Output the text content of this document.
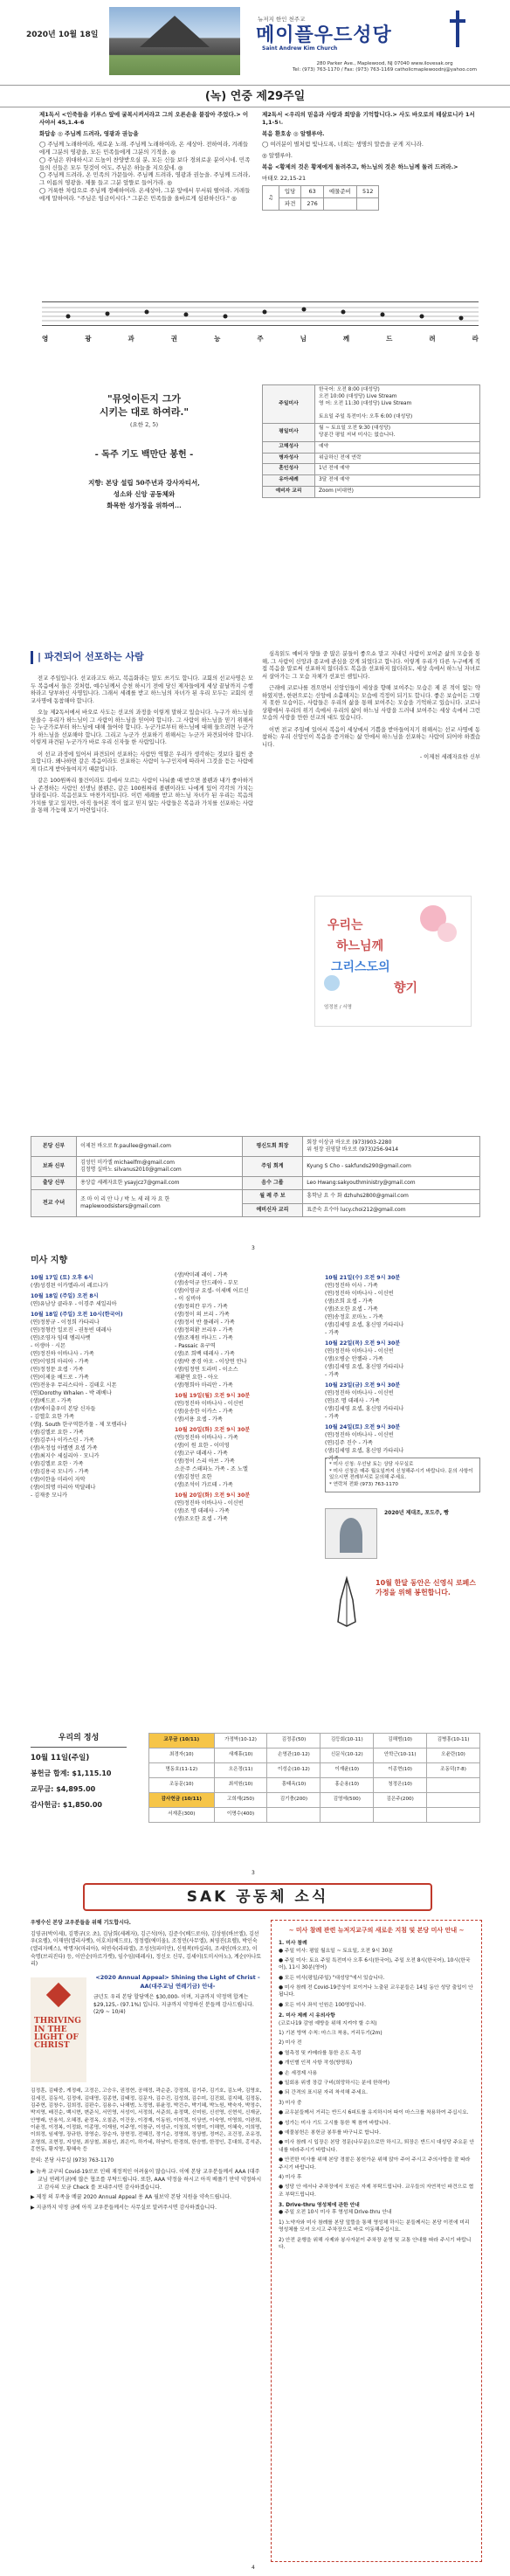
2020년 10월 18일
뉴저지 한인 천주교
메이플우드성당
Saint Andrew Kim Church
280 Parker Ave., Maplewood, NJ 07040 www.ilovesak.org
Tel: (973) 763-1170 / Fax: (973) 763-1169 catholicmaplewoodnj@yahoo.com
(녹) 연중 제29주일
제1독서 <인죽들을 키루스 앞에 굴복시켜서라고 그의 오른손을 붙잡아 주었다.> 이사야서 45,1.4-6
화답송 ◎ 주님께 드려라, 영광과 권능을
◯ 주님께 노래하여라, 새로운 노래. 주님께 노래하여라, 온 세상아. 전하여라, 겨레들에게 그분의 영광을, 모든 민족들에게 그분의 기적을. ◎
◯ 주님은 위대하시고 드높이 찬양받으실 분, 모든 신들 보다 경외로운 분이시네. 민족들의 신들은 모두 헛것이 어도, 주님은 하늘을 지으셨네. ◎
◯ 주님께 드려라, 온 민족의 가문들아. 주님께 드려라, 영광과 권능을. 주님께 드려라, 그 이름의 영광을. 제물 들고 그분 앞뜰로 들어가라. ◎
◯ 거룩한 차림으로 주님께 경배하여라. 온세상아, 그분 앞에서 무서워 떨어라. 겨레들에게 말하여라. "주님은 임금이시다." 그분은 민족들을 올바르게 심판하신다." ◎
제2독서 <우리의 믿음과 사랑과 희망을 기억합니다.> 사도 바오로의 테살로니카 1서 1,1-5ㄴ
복음 환호송 ◎ 알렐루야.
◯ 여러분이 별처럼 빛나도록, 너희는 생명의 말씀을 굳게 지니라.
◎ 알렐루야.
복음 <황제의 것은 황제에게 돌려주고, 하느님의 것은 하느님께 돌려 드려라.>
마태오 22,15-21
♫	입당	63	예물준비	512
	파견	276		
영	광	과	권	능	주	님	께	드	려	라
"뮤엇이든지 그가
시키는 대로 하여라."
(요한 2, 5)
- 독주 기도 백만단 봉헌 -
지향: 본당 설립 50주년과 강사자티서,
성소와 신앙 공동체와
화목한 성가정을 위하여...
주일미사	한국어: 오전 8:00 (대성당)
오전 10:00 (대성당) Live Stream
영 어: 오전 11:30 (대성당) Live Stream

토요일 주일 특전미사: 오후 6:00 (대성당)
평일미사	월 ~ 토요일 오전 9:30 (대성당)
당분간 평일 저녁 미사는 없습니다.
고해성사	예약
병자성사	위급하신 전에 연락
혼인성사	1년 전에 예약
유아세례	3달 전에 예약
예비자 교리	Zoom (비대면)
| 파견되어 선포하는 사람

전교 주일입니다. 선교라고도 하고, 복음화라는 말도 쓰기도 합니다. 교회의 선교사명은 모두 복음에서 들은 것처럼, 예수님께서 승천 하시기 전에 당신 제자들에게 세상 끝날까지 수행하라고 당부하신 사명입니다. 그래서 세례를 받고 하느님의 자녀가 된 우리 모두는 교회의 선교사명에 동참해야 합니다.

오늘 제2독서에서 바오로 사도는 선교의 과정을 이렇게 말하고 있습니다. 누구가 하느님을 믿을수 우리가 하느님이 그 사람이 하느님을 믿어야 합니다. 그 사람이 하느님을 믿기 위해서는 누군가로부터 하느님에 대해 들어야 합니다. 누군가로부터 하느님에 대해 들으려면 누군가가 하느님을 선포해야 합니다. 그리고 누군가 선포하기 위해서는 누군가 파견되어야 합니다. 이렇게 파견된 누군가가 바로 우리 신자들 한 사람입니다.

이 선교 과정에 있어서 파견되어 선포하는 사람만 역할은 우리가 생각하는 것보다 훨씬 중요합니다. 왜나하면 같은 복음이라도 선포하는 사람이 누구인지에 따라서 그것을 듣는 사람에게 다르게 받아들여지기 때문입니다.

같은 100원짜리 물건이라도 길에서 모르는 사람이 나눠줄 때 받으면 볼펜과 내가 좋아하거나 존경하는 사람인 선생님 볼펜은, 같은 100원짜리 볼펜이라도 나에게 있어 각각의 가치는 달라집니다. 복음선포도 마찬가지입니다. 이런 세례를 받고 하느님 자녀가 된 우리는 복음의 가치를 알고 있지만, 아직 들어본 적이 없고 믿지 않는 사람들은 복음과 가치를 선포하는 사람을 통해 가늠해 보기 마련입니다.

심욕읽도 예비자 양들 중 많은 분들이 좋으쇼 말고 지내던 사람이 보여준 삶의 모습을 통해, 그 사람이 신앙과 종교에 관심을 갖게 되었다고 합니다. 이렇게 우리가 다른 누구에게 직접 복음을 말로써 선포하지 않더라도 복음을 선포하지 않더라도, 세상 속에서 하느님 자녀로서 살아가는 그 모습 자체가 선포인 셈입니다.

근래에 코로나를 겪으면서 신앙인들이 세상을 향해 보여주는 모습은 제 본 적이 없는 약하였지만, 한편으로는 신앙에 소홀해지는 모습에 걱정이 되기도 합니다. 좋은 보습이든 그렇지 못한 모습이든, 사람들은 우리의 삶을 통해 보여주는 모습을 기억하고 있습니다. 코로나 상황에서 우리의 위기 속에서 우리의 삶이 하느님 사랑을 드러내 보여주는 세상 속에서 그런 모습의 사랑을 만한 선교의 대도 있습니다.

이번 전교 주일에 있어서 복음이 세상에서 기쁨을 받아들여지기 위해서는 선교 사명에 동참하는 우리 신앙인이 복음을 증거하는 삶 안에서 하느님을 선포하는 사람이 되어야 하겠습니다.

- 이제천 세례자요한 신부
우리는
하느님께
그리스도의
향기
엄정천 / 서명
본당 신부	이제천 바오로 fr.paullee@gmail.com	평신도회 회장	회장 이상규 바오로 (973)903-2280
위 원장 권영달 바오로 (973)256-9414
보좌 신부	김성민 미카엘 michaelfrn@gmail.com
김정명 실바노 silvanus2010@gmail.com	주임 회계	Kyung S Cho - sakfunds290@gmail.com
출당 신부	용상갑 세례자요한 ysayjcz7@gmail.com	음수 그룹	Leo Hwang:sakyouthministry@gmail.com
전교 수녀	조 마 이 리 안 나 / 박 노 세 레 자 요 한
maplewoodsisters@gmail.com	월 례 주 보	흥학남 요 수 화 dzhuhs2800@gmail.com
		예비신자 교리	표준숙 요수아 lucy.choi212@gmail.com
3
미사 지향
10월 17일 (토) 오후 6시
(생)성경된 이카엘라-이 레르나가
10월 18일 (주일) 오전 8시
(연)유남상 클라우 - 이경주 세일리아
10월 18일 (주일) 오전 10시(한국어)
(연)정봉규 - 이정희 카타리나
(연)정형칸 일로진 - 권동빈 데레사
(연)조영자 임데 엠리사벳
- 이생아 · 시몬
(연)정진하 이바나사 - 가족
(연)이영희 마리아 - 가족
(연)정정문 요셉 · 가족
(연)이제윤 베드로 - 가족
(연)전웅우 무리스티아 - 김테호 시몬
(연)Dorothy Whalen - 박 레베나
(생)베드로 - 가족
(생)에이출우미 본당 신자들
- 김엘호 요한 가족
(생)J. South 한구역한가물 - 제 모렘라나
(생)김엘로 요한 - 가족
(생)김주사 이카스틴 - 가족
(생)옥정섭 아멜엔 요셉 가족
(생)최지수 세실리아 · 모니카
(생)김엘로 요한 · 가족
(생)김용국 모니카 - 가족
(생)이한을 미라이 자악
(생)이희명 마리아 막달레나
- 김재중 모니카
(생)박미레 레이 - 가족
(생)송덕규 안드레아 - 부모
(생)이영규 요셉- 이세베 어르신
- 이 심비아
(생)정의칸 부가 - 가족
(생)정이 의 브리 - 가족
(생)정서 반 플레러 - 가족
(생)정의환 브리우 - 가족
(생)조재원 바나드 - 가족
- Passaic 유구역
(생)조 희백 테레사 - 가족
(생)박 종경 아오 - 이상연 안나
(생)임정연 도라비 - 이소스
제환연 요한 - 아오
(생)형희아 마리안 - 가족
10월 19일(월) 오전 9시 30분
(연)정진하 이바나사 - 이신빈
(생)윤송한 이카스 - 가족
(생)서용 요셉 - 가족
10월 20일(화) 오전 9시 30분
(연)정진하 이바나사 - 가족
(생)이 원 요한 - 이미영
(생)고구 데레사 - 가족
(생)정이 스리 아브 - 가족
소운주 스테파노 가족 - 조 노엘
(생)김정민 요한
(생)조석이 가르테 - 가족
10월 20일(화) 오전 9시 30분
(연)정진하 이바나사 - 이신빈
(생)조 명 데레사 - 가족
(생)조오한 요셉 - 가족
10월 21일(수) 오전 9시 30분
(연)정진하 이사 - 가족
(연)정진하 이바나사 - 이신빈
(생)조희 요셉 - 가족
(생)조오한 요셉 - 가족
(연)송정호 로마노 - 가족
(생)김세영 요셉, 홍신영 카타리나
- 가족
10월 22일(목) 오전 9시 30분
(연)정진하 이바나사 - 이신빈
(생)오병순 안젤라 - 가족
(생)김세영 요셉, 홍신영 카타리나
- 가족
10월 23일(금) 오전 9시 30분
(연)정진하 이바나사 - 이신빈
(연)조 명 데레사 - 가족
(생)김세영 요셉, 홍신영 카타리나
- 가족
10월 24일(토) 오전 9시 30분
(연)정진하 이바나사 - 이신빈
(연)김주 진수 - 가족
(생)김세영 요셉, 홍신영 카타리나
- 가족
* 미사 신청: 우선남 토는 상담 사무실로
* 미사 신청은 매주 월요일까지 신청해주시기 바랍니다. 문의 사항이 있으시면 전례부서로 문의해 주세요.
* 연락처 전화 (973) 763-1170
2020년 제대조, 포도주, 빵
10월 한달 동안은 신영식 로페스 가정을 위해 봉헌합니다.
우리의 정성
10월 11일(주일)
봉헌금 합계: $1,115.10
교무금: $4,895.00
감사헌금: $1,850.00
교무금 (10/11)	가정박(10-12)	김정종(50)	김등회(10-11)	김해범(10)	김병흥(10-11)
최경자(10)	새재휴(10)	손영관(10-12)	신문식(10-12)	안학근(10-11)	오윤란(10)
명동호(11-12)	오은정(11)	이성순(10-12)	이재윤(10)	이종현(10)	조동덕(7-8)
조동문(10)	최석원(10)	흥태옥(10)	홍순용(10)	청정은(10)	
감사헌금 (10/11)	고희재(250)	김기충(200)	김영에(500)	김은주(200)	
서재훈(300)	이명수(400)				
3
SAK 공동체 소식
우병수신 본당 교우분들을 위해 기도합시다.
김영규(박이세), 김행규(오 초), 김남희(세례자), 김근석(아), 김준수(베드로아), 김상원(바브엘), 김선우(요렐), 이재연(엘리사벳), 이호치(베드로), 정정렬(에미올), 조정민(사무엘), 최영진(요렐), 박인숙(엘리자베스), 박명자(마리아), 허연숙(라파엘), 조성선(파미안), 신원복(바실라), 조세인(바오로), 이숙명(브리진다) 등, 이안순(마르가렛), 임수임(테레사), 정신오 신부, 김세이(도미시아노), 계순(아나토리)
THRIVING IN THE LIGHT OF CHRIST
<2020 Annual Appeal> Shining the Light of Christ -AA(대주교님 연례기금) 안내-
금년도 우리 본당 할당액은 $30,000- 이며, 지금까지 약정액 합계는 $29,125,- (97.1%) 입니다. 지금까지 약정하신 분들께 감사드립니다. (2/9 ~ 10/4)
김정훈, 김태중, 게정래, 고정은, 고승우, 권정현, 공해정, 곽순준, 강정희, 김기주, 김기호, 김노바, 김영호, 김세진, 김동석, 김정애, 김대명, 김종현, 김태정, 김문자, 김수진, 김성희, 김수미, 김진회, 김지혜, 김정동, 김주현, 김창수, 김희정, 김판수, 김용수, 나해범, 노정명, 류윤정, 박건수, 박기혜, 박노원, 박숙자, 박정수, 박지영, 배진순, 백시현, 변준식, 서민영, 서성이, 서정희, 서준희, 송정택, 신미원, 신선영, 신현석, 신재균, 안병래, 안용석, 오혜경, 윤정옥, 오칠준, 이건웅, 이경재, 이동원, 이미경, 이상연, 이숙영, 이영희, 이완희, 이윤정, 이정복, 이정화, 이종명, 이재원, 이주영, 이창규, 이성규, 이청희, 이형미, 이해현, 이혜숙, 이희명, 이희정, 임세영, 장규한, 장영순, 장순자, 장현정, 전혜진, 정기순, 정명희, 정상범, 정여은, 조건정, 조유정, 조영희, 조현정, 지성원, 최상철, 최용인, 최은이, 하가네, 하남이, 한경희, 한승범, 한정인, 홍대희, 홍석준, 홍현동, 황지영, 황혜숙 등
문의: 본당 사무실 (973) 763-1170
▶ 뉴욕 교구의 Covid-19로로 인해 재정적인 어려움이 많습니다. 이에 본당 교우분들께서 AAA (대주교님 연례기금)에 많은 협조를 부탁드립니다. 또한, AAA 약정을 하시고 아직 베풀기 만약 약정하시고 감사의 모금 Check 를 보내주시면 감사하겠습니다.
▶ 제정 의 부족을 메꿀 2020 Annual Appeal 용 AA 월보약 본당 지원을 약속드립니다.
▶ 지금까지 약정 금에 아직 교우분들께서는 사무실로 알려주시면 감사하겠습니다.
~ 미사 참례 관련 뉴저지교구의 새로운 지침 및 본당 미사 안내 ~
1. 미사 참례

● 주일 미사: 평일 월요일 ~ 토요일, 오전 9시 30분

● 주일 미사: 토요 주일 특전미사 오후 6시(한국어), 주일 오전 8시(한국어), 10시(한국어), 11시 30분(영어)

● 모든 미사(평일/주일) "대성당"에서 있습니다.

● 미사 참례 전 Covid-19증상이 보이거나 노출된 교우분들은 14일 동안 성당 출입이 안 됩니다.

● 모든 미사 좌석 인원은 100명입니다.

2. 미사 제례 시 유의사항

(코로나19 감염 예방을 위해 지켜야 할 수칙)

1) 기본 방역 수칙: 마스크 착용, 거리두기(2m)

2) 미사 전

● 열측정 및 카메라를 통한 온도 측정

● 개인별 인적 사항 작성(방명록)

● 손 세정제 사용

● 일회용 위생 장갑 구비(희망하시는 분에 한하여)

● 되 간격의 표시된 자리 착석해 주세요.

3) 미사 중

● 교우분들께서 거리는 반드시 6피트를 유지하시어 따이 마스크를 착용하여 주십시요.

● 성가는 미사 기도 고시를 통한 책 참여 바랍니다.

● 예물봉헌은 봉헌금 봉투를 바구니로 합니다.

● 미사 참례 시 입장은 본당 정문(나무문)으로만 하시고, 퇴장은 반드시 대성당 주요문 안내를 따라주시기 바랍니다.

● 안전한 미사를 위해 본당 경찰은 봉헌가운 위해 앉아 주어 주시고 주의사항을 잘 따라주시기 바랍니다.

4) 미사 후

● 성당 안 에서나 주차장에서 모임은 자제 부탁드립니다. 교우들의 자연적인 파견으로 협조 부탁드립니다.

3. Drive-thru 영성체에 관한 안내

● 주일 오전 10시 미사 후 영성체 Drive-thru 안내

1) 노약자와 미사 참례를 본당 앞뜰을 통해 영성체 하시는 분들께서는 본당 이전에 미리 영성체를 모셔 오시고 주차장으로 바로 이동해주십시요.

2) 안전 운행을 위해 사제와 봉사자분이 주차장 운영 및 교통 안내를 따라 주시기 바랍니다.

4
